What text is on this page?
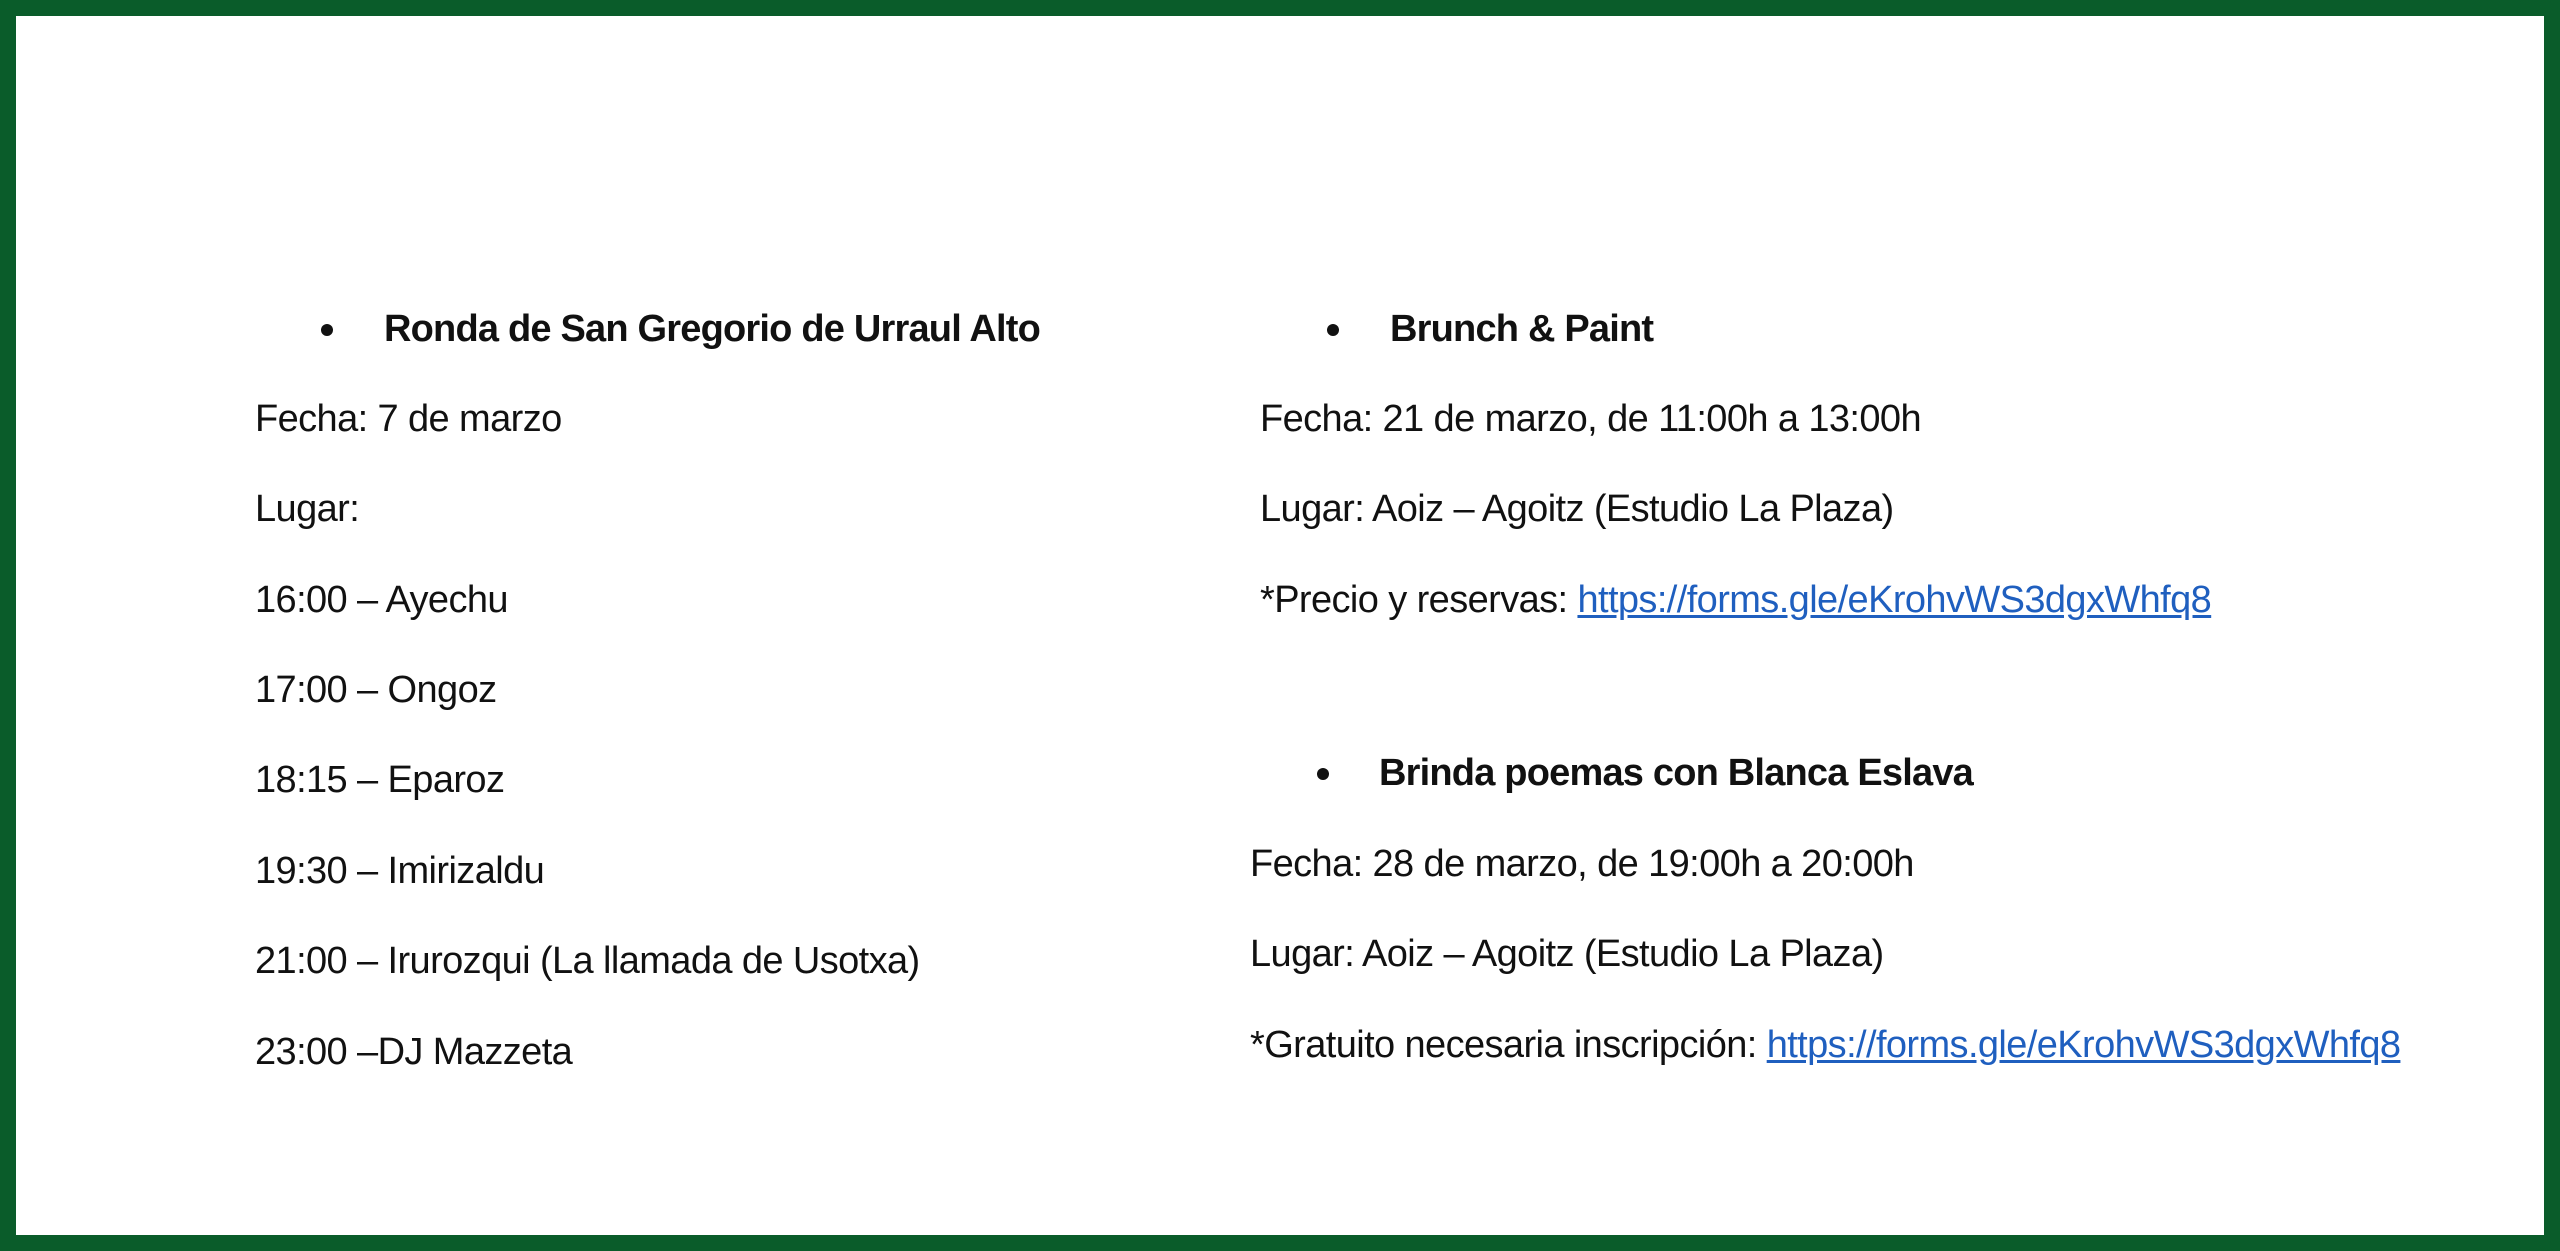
Ronda de San Gregorio de Urraul Alto
Fecha: 7 de marzo
Lugar:
16:00 – Ayechu
17:00 – Ongoz
18:15 – Eparoz
19:30 – Imirizaldu
21:00 – Irurozqui (La llamada de Usotxa)
23:00 –DJ Mazzeta
Brunch & Paint
Fecha: 21 de marzo, de 11:00h a 13:00h
Lugar: Aoiz – Agoitz (Estudio La Plaza)
*Precio y reservas: https://forms.gle/eKrohvWS3dgxWhfq8
Brinda poemas con Blanca Eslava
Fecha: 28 de marzo, de 19:00h a 20:00h
Lugar: Aoiz – Agoitz (Estudio La Plaza)
*Gratuito necesaria inscripción: https://forms.gle/eKrohvWS3dgxWhfq8
